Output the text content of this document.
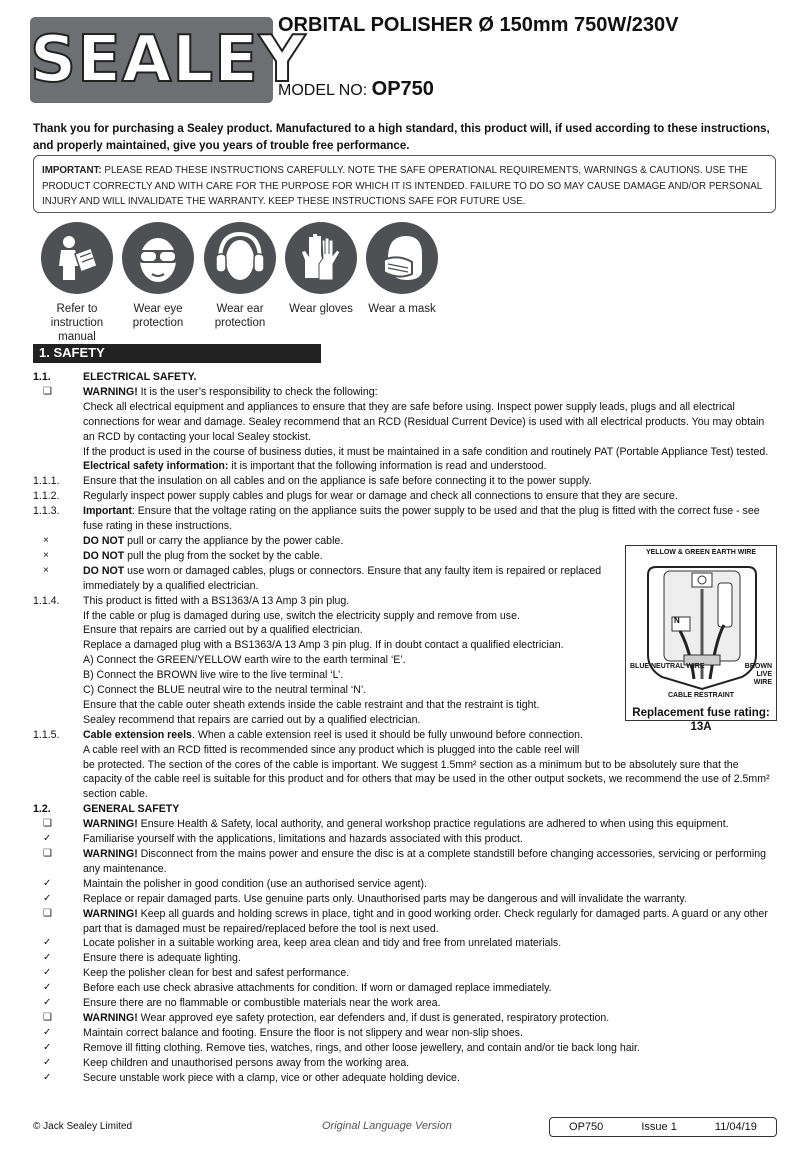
SEALEY
ORBITAL POLISHER Ø 150mm 750W/230V
MODEL NO: OP750
Thank you for purchasing a Sealey product. Manufactured to a high standard, this product will, if used according to these instructions, and properly maintained, give you years of trouble free performance.
IMPORTANT: PLEASE READ THESE INSTRUCTIONS CAREFULLY. NOTE THE SAFE OPERATIONAL REQUIREMENTS, WARNINGS & CAUTIONS. USE THE PRODUCT CORRECTLY AND WITH CARE FOR THE PURPOSE FOR WHICH IT IS INTENDED. FAILURE TO DO SO MAY CAUSE DAMAGE AND/OR PERSONAL INJURY AND WILL INVALIDATE THE WARRANTY. KEEP THESE INSTRUCTIONS SAFE FOR FUTURE USE.
Refer to instruction manual
Wear eye protection
Wear ear protection
Wear gloves	Wear a mask
1. SAFETY
1.1.	ELECTRICAL SAFETY.
❑	WARNING! It is the user’s responsibility to check the following:
Check all electrical equipment and appliances to ensure that they are safe before using. Inspect power supply leads, plugs and all electrical connections for wear and damage. Sealey recommend that an RCD (Residual Current Device) is used with all electrical products. You may obtain an RCD by contacting your local Sealey stockist.
If the product is used in the course of business duties, it must be maintained in a safe condition and routinely PAT (Portable Appliance Test) tested.
Electrical safety information: it is important that the following information is read and understood.
1.1.1. Ensure that the insulation on all cables and on the appliance is safe before connecting it to the power supply.
1.1.2. Regularly inspect power supply cables and plugs for wear or damage and check all connections to ensure that they are secure.
1.1.3. Important: Ensure that the voltage rating on the appliance suits the power supply to be used and that the plug is fitted with the correct fuse - see fuse rating in these instructions.
×	DO NOT pull or carry the appliance by the power cable.
×	DO NOT pull the plug from the socket by the cable.
×	DO NOT use worn or damaged cables, plugs or connectors. Ensure that any faulty item is repaired or replaced immediately by a qualified electrician.
1.1.4. This product is fitted with a BS1363/A 13 Amp 3 pin plug.
If the cable or plug is damaged during use, switch the electricity supply and remove from use.
Ensure that repairs are carried out by a qualified electrician.
Replace a damaged plug with a BS1363/A 13 Amp 3 pin plug. If in doubt contact a qualified electrician.
A) Connect the GREEN/YELLOW earth wire to the earth terminal ‘E’.
B) Connect the BROWN live wire to the live terminal ‘L’.
C) Connect the BLUE neutral wire to the neutral terminal ‘N’.
Ensure that the cable outer sheath extends inside the cable restraint and that the restraint is tight.
Sealey recommend that repairs are carried out by a qualified electrician.
1.1.5. Cable extension reels. When a cable extension reel is used it should be fully unwound before connection.
A cable reel with an RCD fitted is recommended since any product which is plugged into the cable reel will
be protected. The section of the cores of the cable is important. We suggest 1.5mm² section as a minimum but to be absolutely sure that the capacity of the cable reel is suitable for this product and for others that may be used in the other output sockets, we recommend the use of 2.5mm² section cable.
1.2.	GENERAL SAFETY
❑	WARNING! Ensure Health & Safety, local authority, and general workshop practice regulations are adhered to when using this equipment.
✓	Familiarise yourself with the applications, limitations and hazards associated with this product.
❑	WARNING! Disconnect from the mains power and ensure the disc is at a complete standstill before changing accessories, servicing or performing any maintenance.
✓	Maintain the polisher in good condition (use an authorised service agent).
✓	Replace or repair damaged parts. Use genuine parts only. Unauthorised parts may be dangerous and will invalidate the warranty.
❑	WARNING! Keep all guards and holding screws in place, tight and in good working order. Check regularly for damaged parts. A guard or any other part that is damaged must be repaired/replaced before the tool is next used.
✓	Locate polisher in a suitable working area, keep area clean and tidy and free from unrelated materials.
✓	Ensure there is adequate lighting.
✓	Keep the polisher clean for best and safest performance.
✓	Before each use check abrasive attachments for condition. If worn or damaged replace immediately.
✓	Ensure there are no flammable or combustible materials near the work area.
❑	WARNING! Wear approved eye safety protection, ear defenders and, if dust is generated, respiratory protection.
✓	Maintain correct balance and footing. Ensure the floor is not slippery and wear non-slip shoes.
✓	Remove ill fitting clothing. Remove ties, watches, rings, and other loose jewellery, and contain and/or tie back long hair.
✓	Keep children and unauthorised persons away from the working area.
✓	Secure unstable work piece with a clamp, vice or other adequate holding device.
YELLOW & GREEN EARTH WIRE
N
BLUE NEUTRAL WIRE	BROWN LIVE WIRE
CABLE RESTRAINT
Replacement fuse rating: 13A
© Jack Sealey Limited	Original Language Version	OP750	Issue 1	11/04/19
